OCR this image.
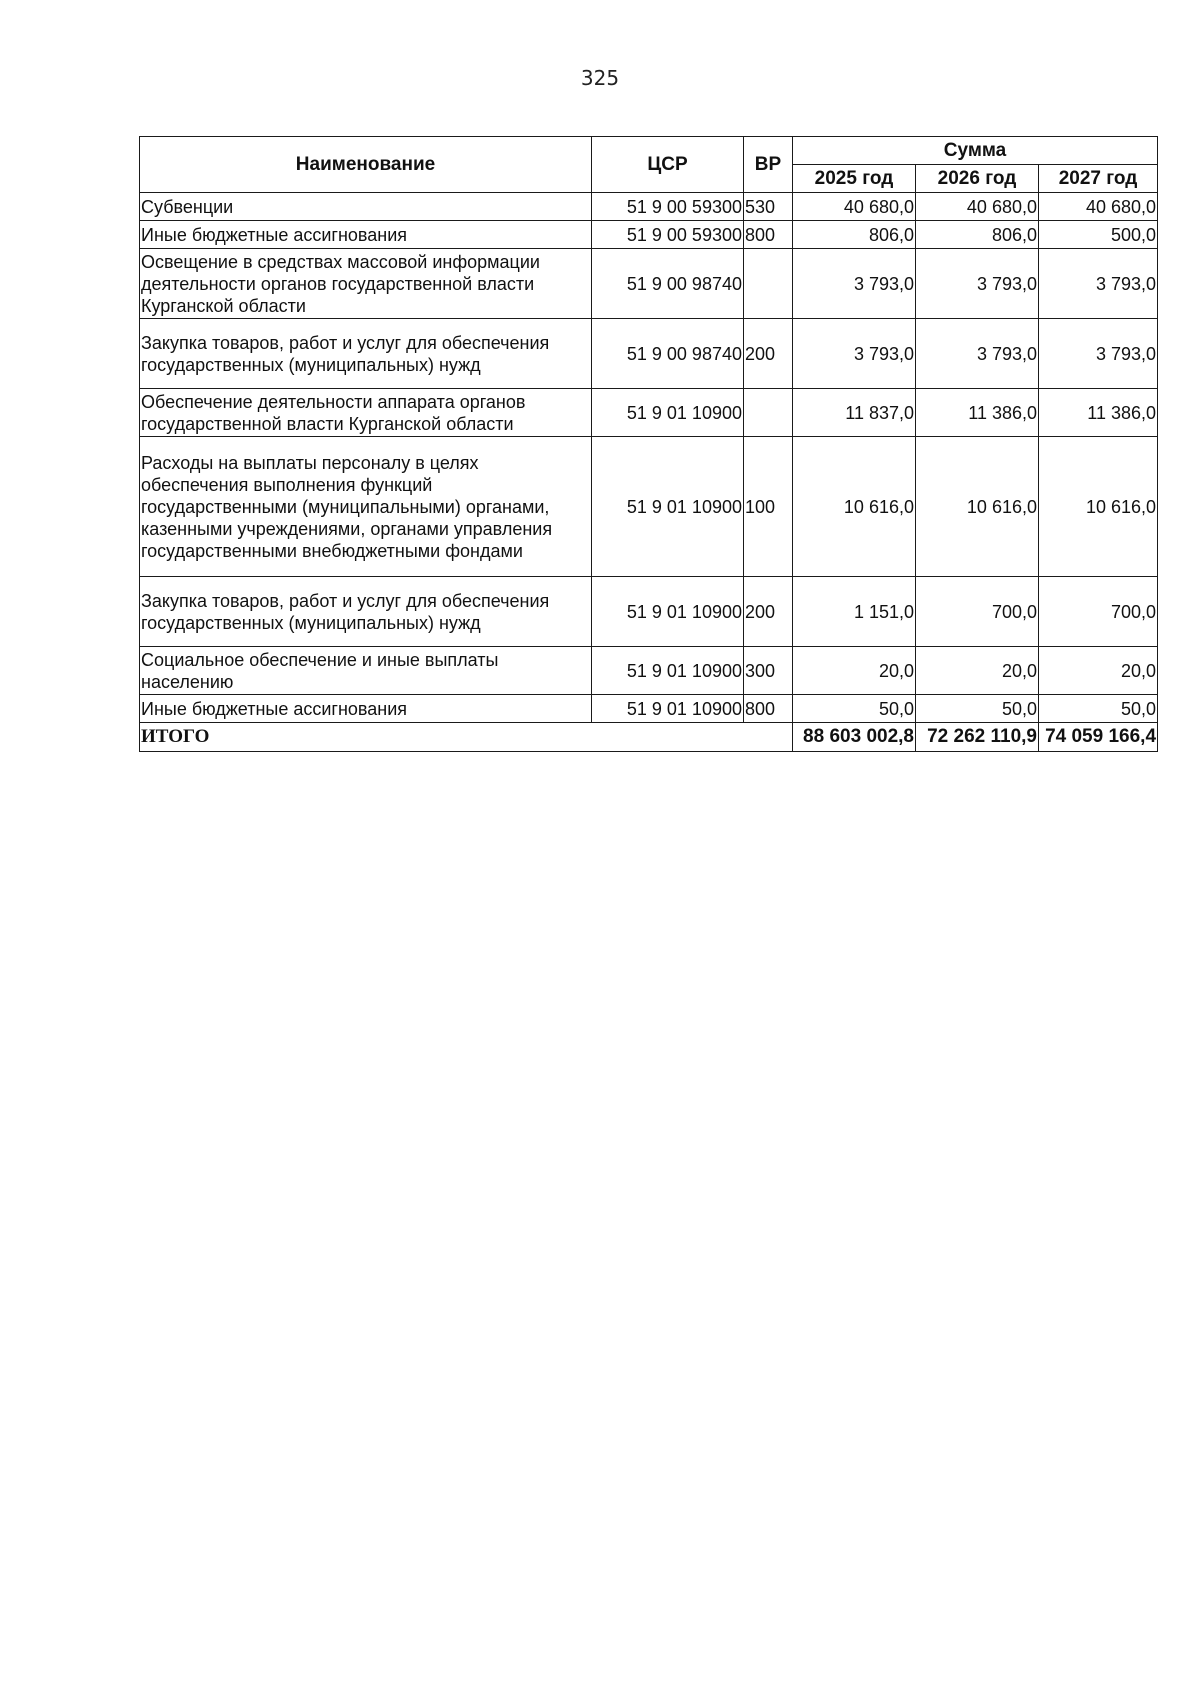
325
Наименование	ЦСР	ВР	Сумма		
			2025 год	2026 год	2027 год
Субвенции	51 9 00 59300	530	40 680,0	40 680,0	40 680,0
Иные бюджетные ассигнования	51 9 00 59300	800	806,0	806,0	500,0
Освещение в средствах массовой информации деятельности органов государственной власти Курганской области	51 9 00 98740		3 793,0	3 793,0	3 793,0
Закупка товаров, работ и услуг для обеспечения государственных (муниципальных) нужд	51 9 00 98740	200	3 793,0	3 793,0	3 793,0
Обеспечение деятельности аппарата органов государственной власти Курганской области	51 9 01 10900		11 837,0	11 386,0	11 386,0
Расходы на выплаты персоналу в целях обеспечения выполнения функций государственными (муниципальными) органами, казенными учреждениями, органами управления государственными внебюджетными фондами	51 9 01 10900	100	10 616,0	10 616,0	10 616,0
Закупка товаров, работ и услуг для обеспечения государственных (муниципальных) нужд	51 9 01 10900	200	1 151,0	700,0	700,0
Социальное обеспечение и иные выплаты населению	51 9 01 10900	300	20,0	20,0	20,0
Иные бюджетные ассигнования	51 9 01 10900	800	50,0	50,0	50,0
ИТОГО			88 603 002,8	72 262 110,9	74 059 166,4
